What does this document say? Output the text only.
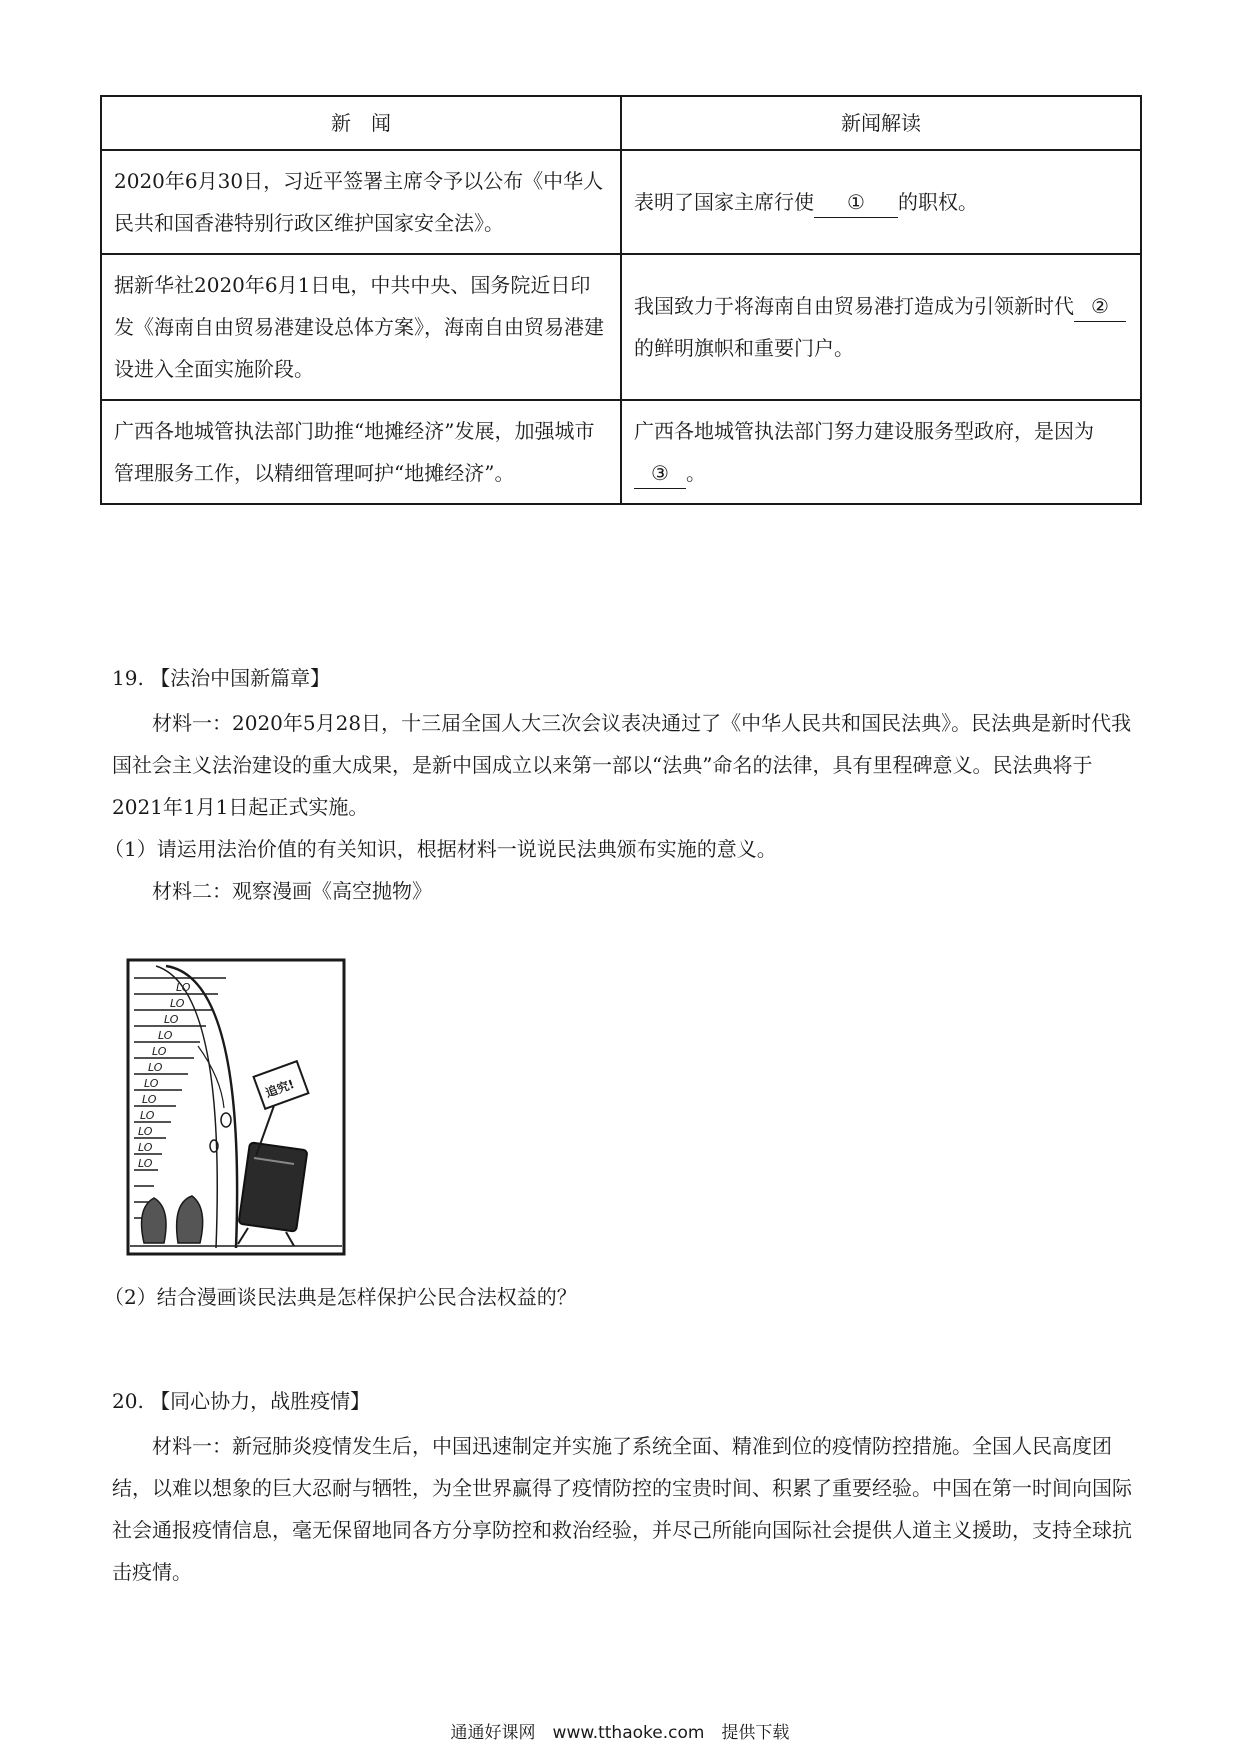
新　闻	新闻解读
2020年6月30日，习近平签署主席令予以公布《中华人民共和国香港特别行政区维护国家安全法》。	表明了国家主席行使 ① 的职权。
据新华社2020年6月1日电，中共中央、国务院近日印发《海南自由贸易港建设总体方案》，海南自由贸易港建设进入全面实施阶段。	我国致力于将海南自由贸易港打造成为引领新时代 ②的鲜明旗帜和重要门户。
广西各地城管执法部门助推“地摊经济”发展，加强城市管理服务工作，以精细管理呵护“地摊经济”。	广西各地城管执法部门努力建设服务型政府，是因为③ 。
19. 【法治中国新篇章】

材料一：2020年5月28日，十三届全国人大三次会议表决通过了《中华人民共和国民法典》。民法典是新时代我国社会主义法治建设的重大成果，是新中国成立以来第一部以“法典”命名的法律，具有里程碑意义。民法典将于2021年1月1日起正式实施。

（1）请运用法治价值的有关知识，根据材料一说说民法典颁布实施的意义。

材料二：观察漫画《高空抛物》

LO
LO
LO
LO
LO
LO
LO
LO
LO
LO
LO
LO
追究!

（2）结合漫画谈民法典是怎样保护公民合法权益的？

20. 【同心协力，战胜疫情】

材料一：新冠肺炎疫情发生后，中国迅速制定并实施了系统全面、精准到位的疫情防控措施。全国人民高度团结，以难以想象的巨大忍耐与牺牲，为全世界赢得了疫情防控的宝贵时间、积累了重要经验。中国在第一时间向国际社会通报疫情信息，毫无保留地同各方分享防控和救治经验，并尽己所能向国际社会提供人道主义援助，支持全球抗击疫情。

通通好课网　www.tthaoke.com　提供下载
